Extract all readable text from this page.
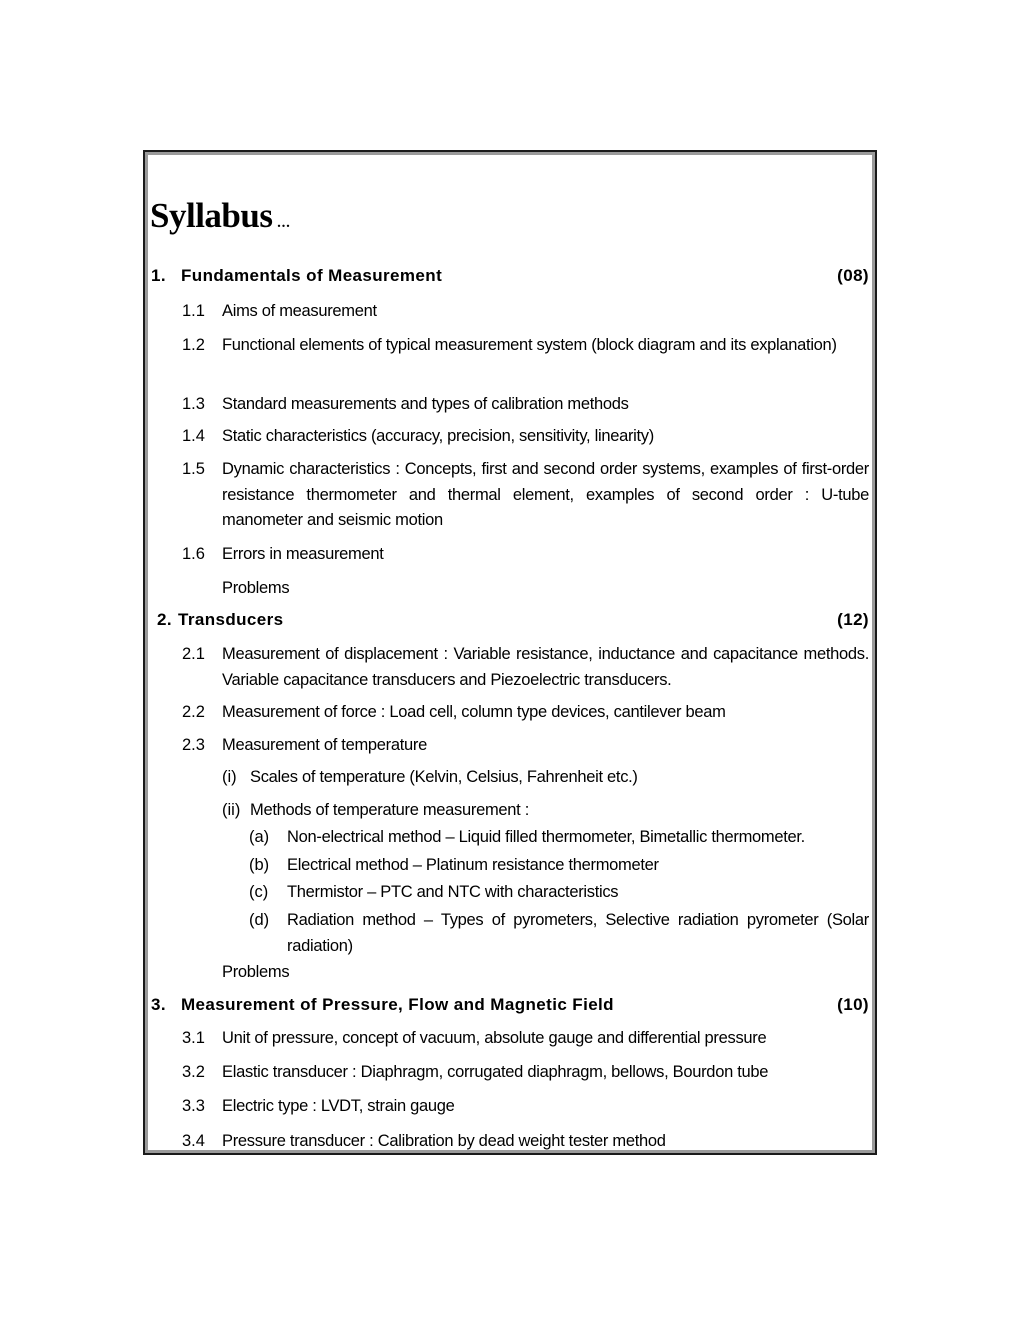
Syllabus ...
1. Fundamentals of Measurement	(08)
1.1	Aims of measurement
1.2	Functional elements of typical measurement system (block diagram and its explanation)
1.3	Standard measurements and types of calibration methods
1.4	Static characteristics (accuracy, precision, sensitivity, linearity)
1.5	Dynamic characteristics : Concepts, first and second order systems, examples of first-order resistance thermometer and thermal element, examples of second order : U-tube manometer and seismic motion
1.6	Errors in measurement
Problems
2. Transducers	(12)
2.1	Measurement of displacement : Variable resistance, inductance and capacitance methods. Variable capacitance transducers and Piezoelectric transducers.
2.2	Measurement of force : Load cell, column type devices, cantilever beam
2.3	Measurement of temperature
(i) Scales of temperature (Kelvin, Celsius, Fahrenheit etc.)
(ii) Methods of temperature measurement :
(a)	Non-electrical method – Liquid filled thermometer, Bimetallic thermometer.
(b)	Electrical method – Platinum resistance thermometer
(c)	Thermistor – PTC and NTC with characteristics
(d)	Radiation method – Types of pyrometers, Selective radiation pyrometer (Solar radiation)
Problems
3. Measurement of Pressure, Flow and Magnetic Field	(10)
3.1	Unit of pressure, concept of vacuum, absolute gauge and differential pressure
3.2	Elastic transducer : Diaphragm, corrugated diaphragm, bellows, Bourdon tube
3.3	Electric type : LVDT, strain gauge
3.4	Pressure transducer : Calibration by dead weight tester method
